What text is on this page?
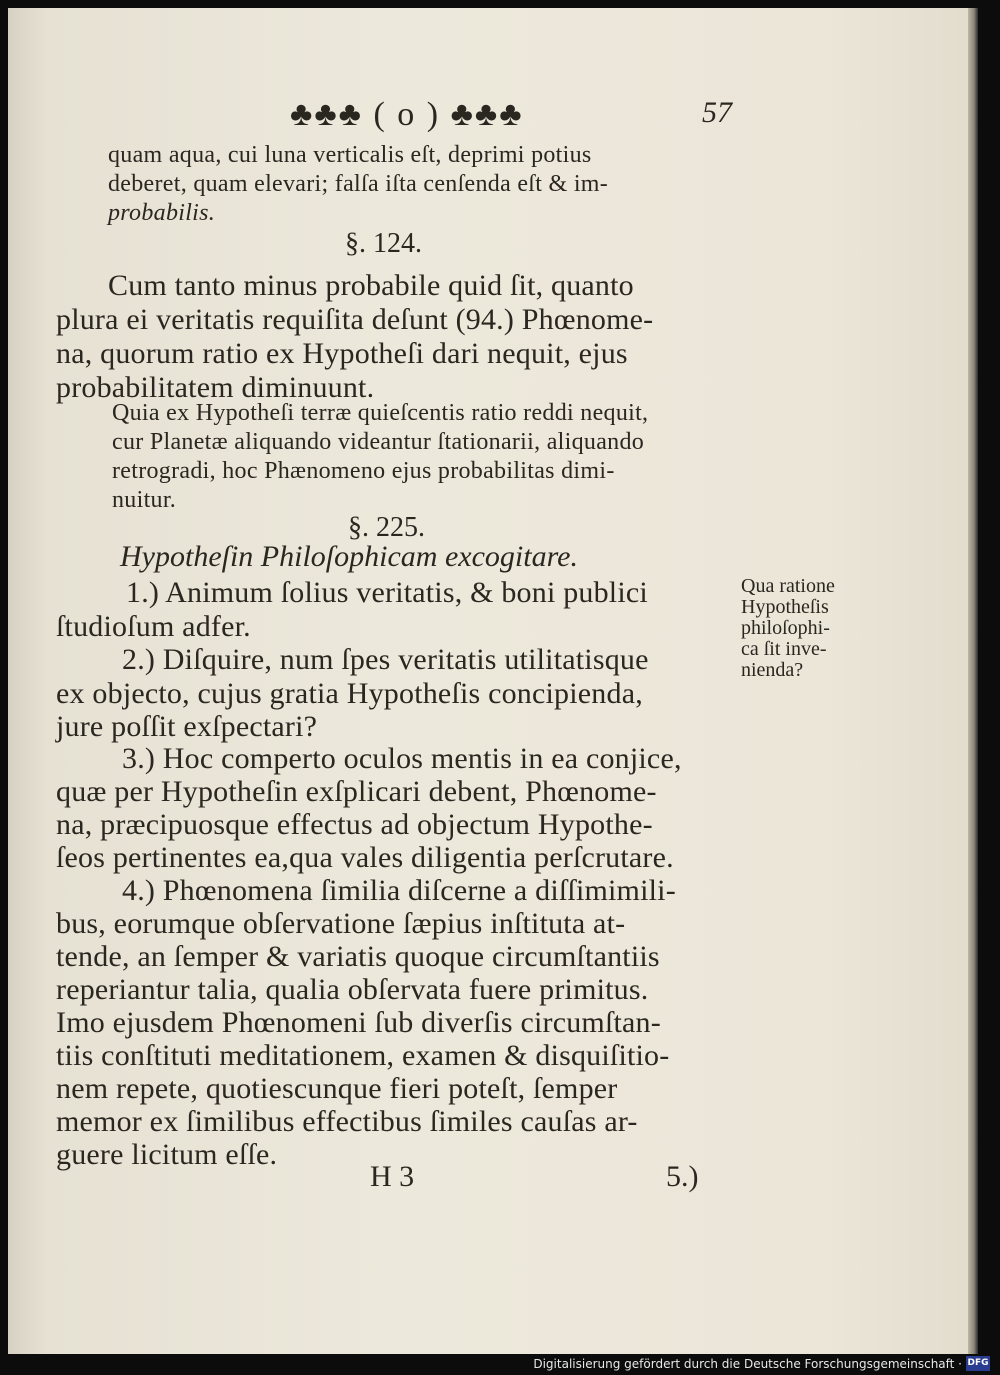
♣♣♣ ( o ) ♣♣♣	57
quam aqua, cui luna verticalis eſt, deprimi potius
deberet, quam elevari; falſa iſta cenſenda eſt & im-
probabilis.
§. 124.
Cum tanto minus probabile quid ſit, quanto
plura ei veritatis requiſita deſunt (94.) Phœnome-
na, quorum ratio ex Hypotheſi dari nequit, ejus
probabilitatem diminuunt.
Quia ex Hypotheſi terræ quieſcentis ratio reddi nequit,
cur Planetæ aliquando videantur ſtationarii, aliquando
retrogradi, hoc Phænomeno ejus probabilitas dimi-
nuitur.
§. 225.
Hypotheſin Philoſophicam excogitare.
1.) Animum ſolius veritatis, & boni publici
ſtudioſum adfer.
2.) Diſquire, num ſpes veritatis utilitatisque
ex objecto, cujus gratia Hypotheſis concipienda,
jure poſſit exſpectari?
3.) Hoc comperto oculos mentis in ea conjice,
quæ per Hypotheſin exſplicari debent, Phœnome-
na, præcipuosque effectus ad objectum Hypothe-
ſeos pertinentes ea,qua vales diligentia perſcrutare.
4.) Phœnomena ſimilia diſcerne a diſſimimili-
bus, eorumque obſervatione ſæpius inſtituta at-
tende, an ſemper & variatis quoque circumſtantiis
reperiantur talia, qualia obſervata fuere primitus.
Imo ejusdem Phœnomeni ſub diverſis circumſtan-
tiis conſtituti meditationem, examen & disquiſitio-
nem repete, quotiescunque fieri poteſt, ſemper
memor ex ſimilibus effectibus ſimiles cauſas ar-
guere licitum eſſe.
Qua ratione
Hypotheſis
philoſophi-
ca ſit inve-
nienda?
H 3	5.)
Digitalisierung gefördert durch die Deutsche Forschungsgemeinschaft · DFG
